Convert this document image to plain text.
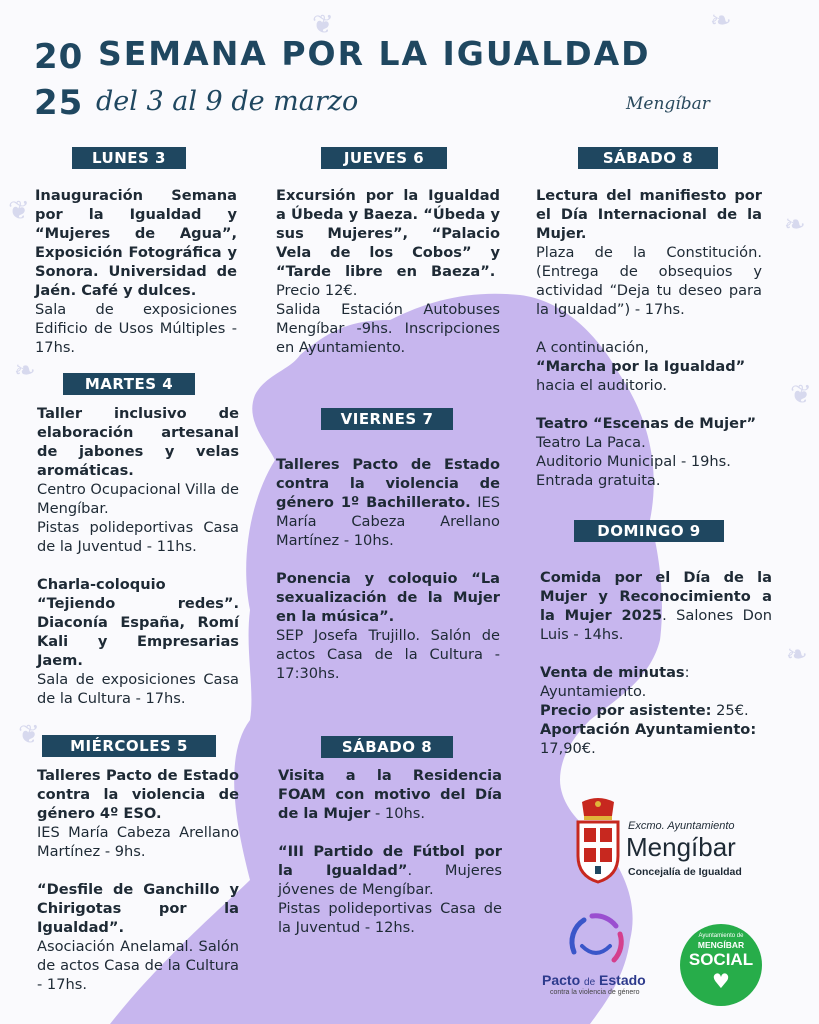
❦
❧
❦
❧
❦
❧
❦	❧
20
25
SEMANA POR LA IGUALDAD
del 3 al 9 de marzo	Mengíbar
LUNES 3

Inauguración Semana por la Igualdad y “Mujeres de Agua”, Exposición Fotográfica y Sonora. Universidad de Jaén. Café y dulces.

Sala de exposiciones Edificio de Usos Múltiples - 17hs.

MARTES 4

Taller inclusivo de elaboración artesanal de jabones y velas aromáticas.

Centro Ocupacional Villa de Mengíbar.

Pistas polideportivas Casa de la Juventud - 11hs.

Charla-coloquio “Tejiendo redes”. Diaconía España, Romí Kali y Empresarias Jaem.

Sala de exposiciones Casa de la Cultura - 17hs.

MIÉRCOLES 5

Talleres Pacto de Estado contra la violencia de género 4º ESO.

IES María Cabeza Arellano Martínez - 9hs.

“Desfile de Ganchillo y Chirigotas por la Igualdad”.

Asociación Anelamal. Salón de actos Casa de la Cultura - 17hs.

JUEVES 6

Excursión por la Igualdad a Úbeda y Baeza. “Úbeda y sus Mujeres”, “Palacio Vela de los Cobos” y “Tarde libre en Baeza”.  Precio 12€.

Salida Estación Autobuses Mengíbar -9hs. Inscripciones en Ayuntamiento.

VIERNES 7

Talleres Pacto de Estado contra la violencia de género 1º Bachillerato. IES María Cabeza Arellano Martínez - 10hs.

Ponencia y coloquio “La sexualización de la Mujer en la música”.

SEP Josefa Trujillo. Salón de actos Casa de la Cultura - 17:30hs.

SÁBADO 8

Visita a la Residencia FOAM con motivo del Día de la Mujer - 10hs.

“III Partido de Fútbol por la Igualdad”. Mujeres jóvenes de Mengíbar.

Pistas polideportivas Casa de la Juventud - 12hs.

SÁBADO 8

Lectura del manifiesto por el Día Internacional de la Mujer.

Plaza de la Constitución. (Entrega de obsequios y actividad “Deja tu deseo para la Igualdad”) - 17hs.

A continuación,

“Marcha por la Igualdad”

hacia el auditorio.

Teatro “Escenas de Mujer”

Teatro La Paca.

Auditorio Municipal - 19hs.

Entrada gratuita.

DOMINGO 9

Comida por el Día de la Mujer y Reconocimiento a la Mujer 2025. Salones Don Luis - 14hs.

Venta de minutas: Ayuntamiento.

Precio por asistente: 25€.

Aportación Ayuntamiento:

17,90€.

Excmo. Ayuntamiento
Mengíbar
Concejalía de Igualdad
Pacto de Estado
contra la violencia de género
Ayuntamiento de
MENGÍBAR
SOCIAL
♥
